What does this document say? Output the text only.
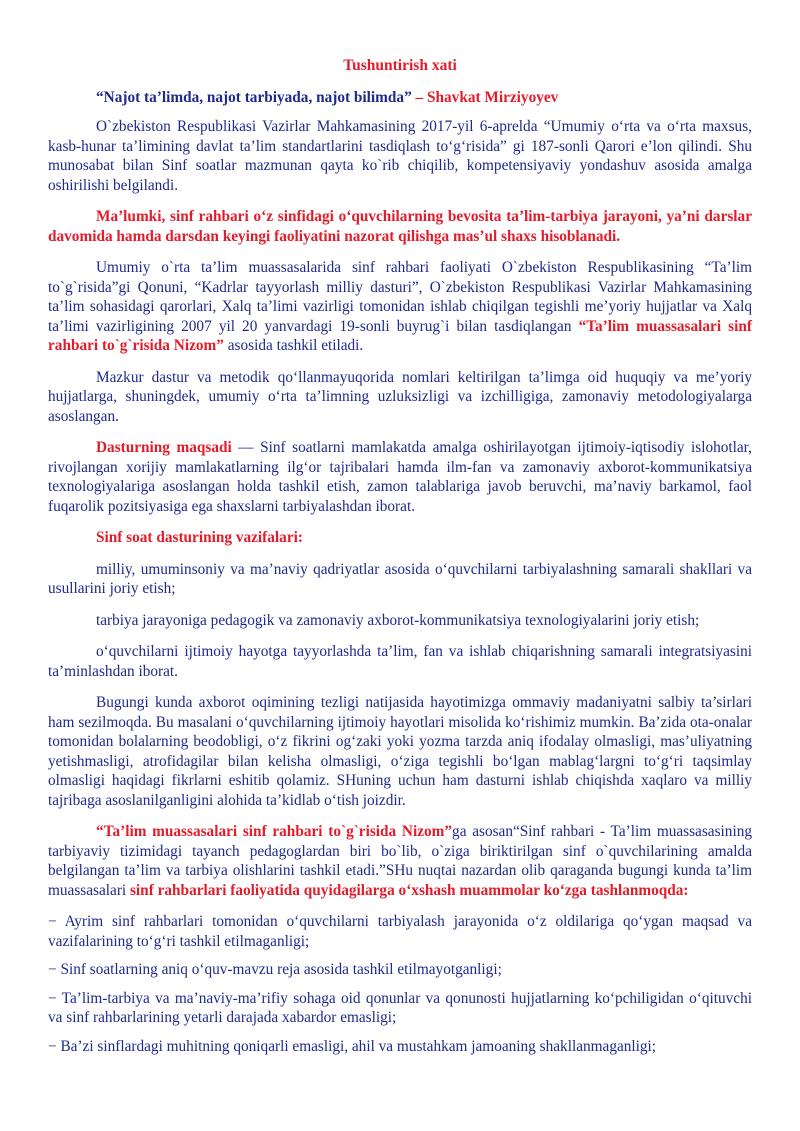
Tushuntirish xati
“Najot ta’limda, najot tarbiyada, najot bilimda” – Shavkat Mirziyoyev

O`zbekiston Respublikasi Vazirlar Mahkamasining 2017-yil 6-aprelda “Umumiy oʻrta va oʻrta maxsus, kasb-hunar ta’limining davlat ta’lim standartlarini tasdiqlash toʻgʻrisida” gi 187-sonli Qarori e’lon qilindi. Shu munosabat bilan Sinf soatlar mazmunan qayta ko`rib chiqilib, kompetensiyaviy yondashuv asosida amalga oshirilishi belgilandi.

Ma’lumki, sinf rahbari oʻz sinfidagi oʻquvchilarning bevosita ta’lim-tarbiya jarayoni, ya’ni darslar davomida hamda darsdan keyingi faoliyatini nazorat qilishga mas’ul shaxs hisoblanadi.

Umumiy o`rta ta’lim muassasalarida sinf rahbari faoliyati O`zbekiston Respublikasining “Ta’lim to`g`risida”gi Qonuni, “Kadrlar tayyorlash milliy dasturi”, O`zbekiston Respublikasi Vazirlar Mahkamasining ta’lim sohasidagi qarorlari, Xalq ta’limi vazirligi tomonidan ishlab chiqilgan tegishli me’yoriy hujjatlar va Xalq ta’limi vazirligining 2007 yil 20 yanvardagi 19-sonli buyrug`i bilan tasdiqlangan “Ta’lim muassasalari sinf rahbari to`g`risida Nizom” asosida tashkil etiladi.

Mazkur dastur va metodik qoʻllanmayuqorida nomlari keltirilgan ta’limga oid huquqiy va me’yoriy hujjatlarga, shuningdek, umumiy oʻrta ta’limning uzluksizligi va izchilligiga, zamonaviy metodologiyalarga asoslangan.

Dasturning maqsadi — Sinf soatlarni mamlakatda amalga oshirilayotgan ijtimoiy-iqtisodiy islohotlar, rivojlangan xorijiy mamlakatlarning ilgʻor tajribalari hamda ilm-fan va zamonaviy axborot-kommunikatsiya texnologiyalariga asoslangan holda tashkil etish, zamon talablariga javob beruvchi, ma’naviy barkamol, faol fuqarolik pozitsiyasiga ega shaxslarni tarbiyalashdan iborat.

Sinf soat dasturining vazifalari:

milliy, umuminsoniy va ma’naviy qadriyatlar asosida oʻquvchilarni tarbiyalashning samarali shakllari va usullarini joriy etish;

tarbiya jarayoniga pedagogik va zamonaviy axborot-kommunikatsiya texnologiyalarini joriy etish;

oʻquvchilarni ijtimoiy hayotga tayyorlashda ta’lim, fan va ishlab chiqarishning samarali integratsiyasini ta’minlashdan iborat.

Bugungi kunda axborot oqimining tezligi natijasida hayotimizga ommaviy madaniyatni salbiy ta’sirlari ham sezilmoqda. Bu masalani oʻquvchilarning ijtimoiy hayotlari misolida koʻrishimiz mumkin. Ba’zida ota-onalar tomonidan bolalarning beodobligi, oʻz fikrini ogʻzaki yoki yozma tarzda aniq ifodalay olmasligi, mas’uliyatning yetishmasligi, atrofidagilar bilan kelisha olmasligi, oʻziga tegishli boʻlgan mablagʻlargni toʻgʻri taqsimlay olmasligi haqidagi fikrlarni eshitib qolamiz. SHuning uchun ham dasturni ishlab chiqishda xaqlaro va milliy tajribaga asoslanilganligini alohida ta’kidlab oʻtish joizdir.

“Ta’lim muassasalari sinf rahbari to`g`risida Nizom”ga asosan“Sinf rahbari - Ta’lim muassasasining tarbiyaviy tizimidagi tayanch pedagoglardan biri bo`lib, o`ziga biriktirilgan sinf o`quvchilarining amalda belgilangan ta’lim va tarbiya olishlarini tashkil etadi.”SHu nuqtai nazardan olib qaraganda bugungi kunda ta’lim muassasalari sinf rahbarlari faoliyatida quyidagilarga oʻxshash muammolar koʻzga tashlanmoqda:

− Ayrim sinf rahbarlari tomonidan oʻquvchilarni tarbiyalash jarayonida oʻz oldilariga qoʻygan maqsad va vazifalarining toʻgʻri tashkil etilmaganligi;

− Sinf soatlarning aniq oʻquv-mavzu reja asosida tashkil etilmayotganligi;

− Ta’lim-tarbiya va ma’naviy-ma’rifiy sohaga oid qonunlar va qonunosti hujjatlarning koʻpchiligidan oʻqituvchi va sinf rahbarlarining yetarli darajada xabardor emasligi;

− Ba’zi sinflardagi muhitning qoniqarli emasligi, ahil va mustahkam jamoaning shakllanmaganligi;
